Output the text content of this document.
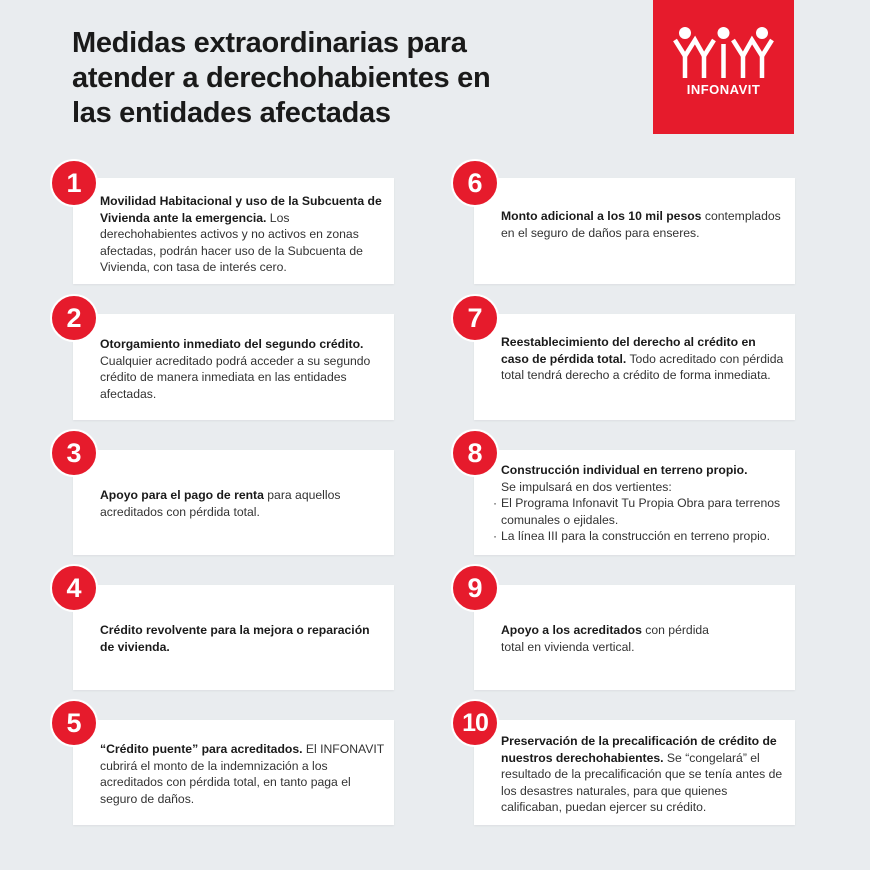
Medidas extraordinarias para
atender a derechohabientes en
las entidades afectadas
INFONAVIT
Movilidad Habitacional y uso de la Subcuenta de Vivienda ante la emergencia. Los derechohabientes activos y no activos en zonas afectadas, podrán hacer uso de la Subcuenta de Vivienda, con tasa de interés cero.
1
Otorgamiento inmediato del segundo crédito. Cualquier acreditado podrá acceder a su segundo crédito de manera inmediata en las entidades afectadas.
2
Apoyo para el pago de renta para aquellos acreditados con pérdida total.
3
Crédito revolvente para la mejora o reparación de vivienda.
4
“Crédito puente” para acreditados. El INFONAVIT cubrirá el monto de la indemnización a los acreditados con pérdida total, en tanto paga el seguro de daños.
5
Monto adicional a los 10 mil pesos contemplados en el seguro de daños para enseres.
6
Reestablecimiento del derecho al crédito en caso de pérdida total. Todo acreditado con pérdida total tendrá derecho a crédito de forma inmediata.
7
Construcción individual en terreno propio.
Se impulsará en dos vertientes:
· El Programa Infonavit Tu Propia Obra para terrenos comunales o ejidales.
· La línea III para la construcción en terreno propio.
8
Apoyo a los acreditados con pérdida total en vivienda vertical.
9
Preservación de la precalificación de crédito de nuestros derechohabientes. Se “congelará” el resultado de la precalificación que se tenía antes de los desastres naturales, para que quienes calificaban, puedan ejercer su crédito.
10
